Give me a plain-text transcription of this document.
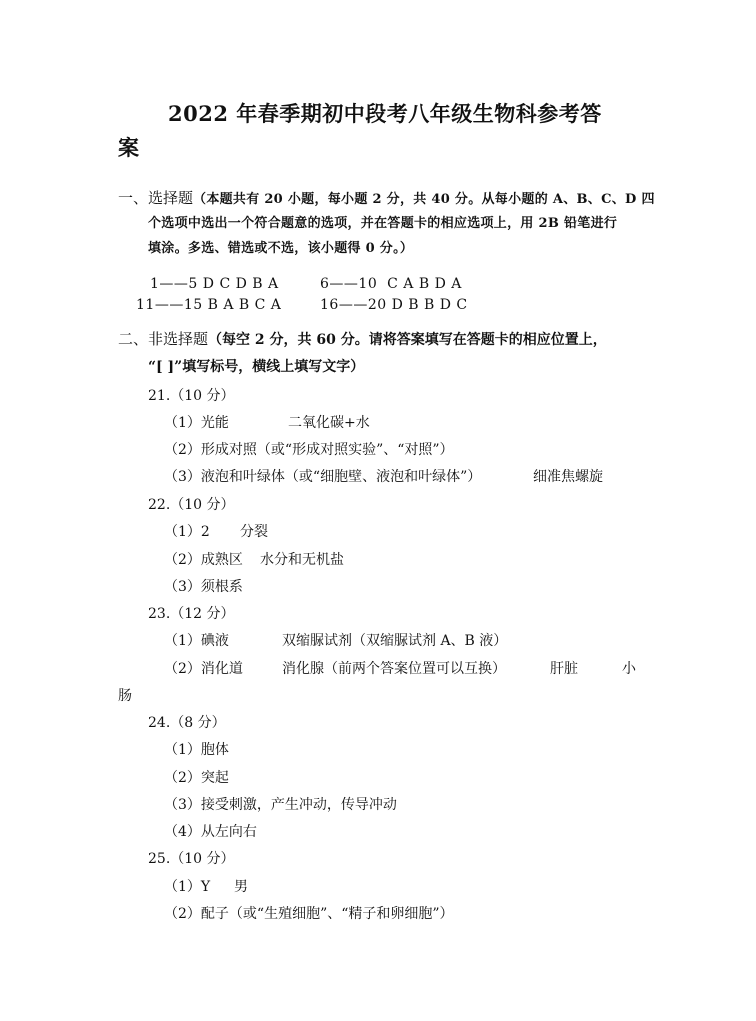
2022 年春季期初中段考八年级生物科参考答
案
一、选择题（本题共有 20 小题，每小题 2 分，共 40 分。从每小题的 A、B、C、D 四
个选项中选出一个符合题意的选项，并在答题卡的相应选项上，用 2B 铅笔进行
填涂。多选、错选或不选，该小题得 0 分。）
1——5 D C D B A	6——10 C A B D A
11——15 B A B C A	16——20 D B B D C
二、非选择题（每空 2 分，共 60 分。请将答案填写在答题卡的相应位置上，
“[ ]”填写标号，横线上填写文字）
21.（10 分）
（1）光能	二氧化碳+水
（2）形成对照（或“形成对照实验”、“对照”）
（3）液泡和叶绿体（或“细胞壁、液泡和叶绿体”）	细准焦螺旋
22.（10 分）
（1）2 分裂
（2）成熟区 水分和无机盐
（3）须根系
23.（12 分）
（1）碘液	双缩脲试剂（双缩脲试剂 A、B 液）
（2）消化道	消化腺（前两个答案位置可以互换）	肝脏	小
肠
24.（8 分）
（1）胞体
（2）突起
（3）接受刺激，产生冲动，传导冲动
（4）从左向右
25.（10 分）
（1）Y 男
（2）配子（或“生殖细胞”、“精子和卵细胞”）
